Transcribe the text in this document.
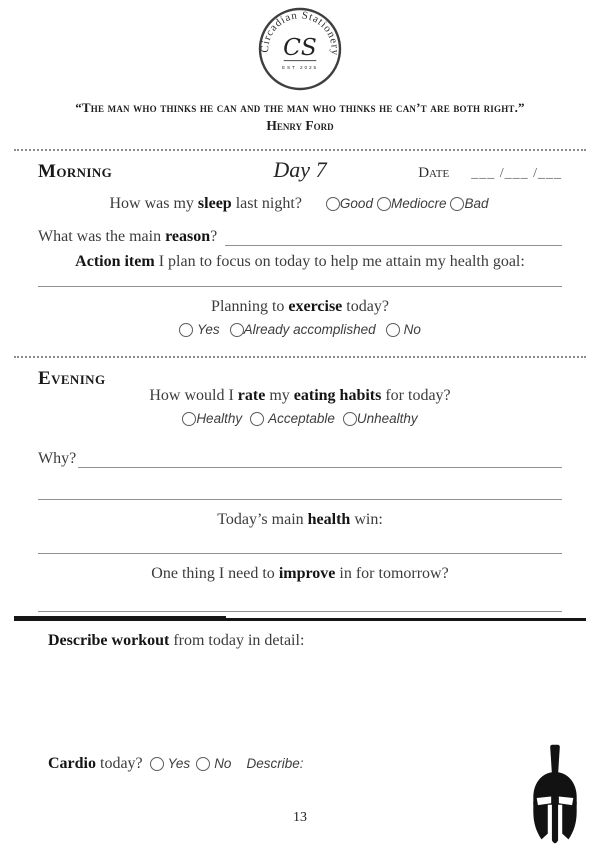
Circadian Stationery
CS
EST 2025
“The man who thinks he can and the man who thinks he can’t are both right.”
Henry Ford
Morning	Day 7	Date ___ /___ /___
How was my sleep last night?	Good Mediocre Bad
What was the main reason?
Action item I plan to focus on today to help me attain my health goal:
Planning to exercise today?
Yes Already accomplished No
Evening
How would I rate my eating habits for today?
Healthy Acceptable Unhealthy
Why?
Today’s main health win:
One thing I need to improve in for tomorrow?
Describe workout from today in detail:
Cardio today? Yes No Describe:
13
